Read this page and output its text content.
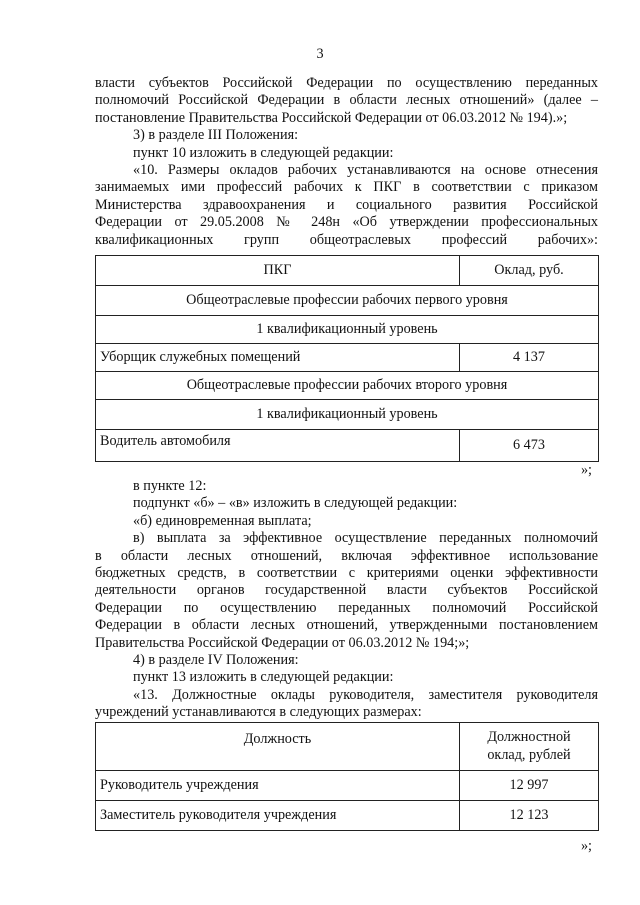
3
власти субъектов Российской Федерации по осуществлению переданных
полномочий Российской Федерации в области лесных отношений» (далее –
постановление Правительства Российской Федерации от 06.03.2012 № 194).»;
3) в разделе III Положения:
пункт 10 изложить в следующей редакции:
«10. Размеры окладов рабочих устанавливаются на основе отнесения
занимаемых ими профессий рабочих к ПКГ в соответствии с приказом
Министерства здравоохранения и социального развития Российской
Федерации от 29.05.2008 № 248н «Об утверждении профессиональных
квалификационных групп общеотраслевых профессий рабочих»:
ПКГ	Оклад, руб.
Общеотраслевые профессии рабочих первого уровня	
1 квалификационный уровень	
Уборщик служебных помещений	4 137
Общеотраслевые профессии рабочих второго уровня	
1 квалификационный уровень	
Водитель автомобиля	6 473
»;
в пункте 12:
подпункт «б» – «в» изложить в следующей редакции:
«б) единовременная выплата;
в) выплата за эффективное осуществление переданных полномочий
в области лесных отношений, включая эффективное использование
бюджетных средств, в соответствии с критериями оценки эффективности
деятельности органов государственной власти субъектов Российской
Федерации по осуществлению переданных полномочий Российской
Федерации в области лесных отношений, утвержденными постановлением
Правительства Российской Федерации от 06.03.2012 № 194;»;
4) в разделе IV Положения:
пункт 13 изложить в следующей редакции:
«13. Должностные оклады руководителя, заместителя руководителя
учреждений устанавливаются в следующих размерах:
Должность	Должностной
оклад, рублей

Руководитель учреждения	12 997
Заместитель руководителя учреждения	12 123
»;
